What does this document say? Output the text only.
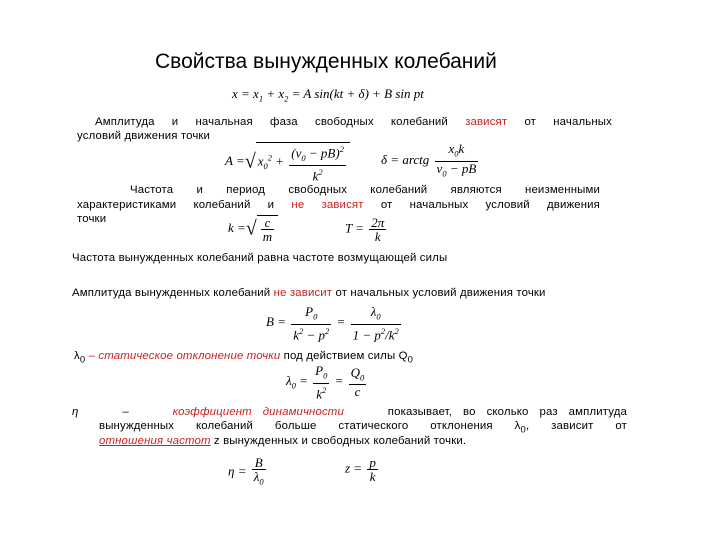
Свойства вынужденных колебаний
$x = x_1 + x_2 = A$ sin(kt + δ) + B sin pt
Амплитуда и начальная фаза свободных колебаний зависят от начальных
условий движения точки
A =√ $x_0^2 + \frac{(v_0 - pB)^2}{k^2}$	δ = arctg $\frac{x_0k}{v_0 - pB}$
Частота и период свободных колебаний являются неизменными
характеристиками колебаний и не зависят от начальных условий движения
точки
k =√ $\frac{c}{m}$	$T = \frac{2\pi}{k}$
Частота вынужденных колебаний равна частоте возмущающей силы
Амплитуда вынужденных колебаний не зависит от начальных условий движения точки
$B = \frac{P_0}{k^2 - p^2} = \frac{\lambda_0}{1 - p^2/k^2}$
$\lambda_0$ – статическое отклонение точки под действием силы $Q_0$
$\lambda_0 = \frac{P_0}{k^2} = \frac{Q_0}{c}$
η	–	коэффициент динамичности	показывает, во сколько раз амплитуда
вынужденных колебаний больше статического отклонения $\lambda_0$, зависит от
отношения частот z вынужденных и свободных колебаний точки.
$\eta = \frac{B}{\lambda_0}$	$z = \frac{p}{k}$
